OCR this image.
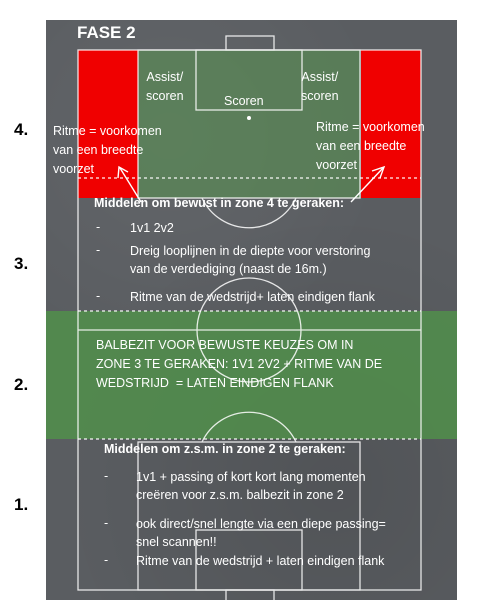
FASE 2

Assist/
scoren	Scoren

Assist/
scoren

Ritme = voorkomen
van een breedte
voorzet

Ritme = voorkomen
van een breedte
voorzet

Middelen om bewust in zone 4 te geraken:

- 1v1 2v2

- Dreig looplijnen in de diepte voor verstoring
van de verdediging (naast de 16m.)

- Ritme van de wedstrijd+ laten eindigen flank

BALBEZIT VOOR BEWUSTE KEUZES OM IN
ZONE 3 TE GERAKEN: 1V1 2V2 + RITME VAN DE
WEDSTRIJD  = LATEN EINDIGEN FLANK

Middelen om z.s.m. in zone 2 te geraken:

- 1v1 + passing of kort kort lang momenten
creëren voor z.s.m. balbezit in zone 2

- ook direct/snel lengte via een diepe passing=
snel scannen!!

- Ritme van de wedstrijd + laten eindigen flank

4.
3.
2.
1.
